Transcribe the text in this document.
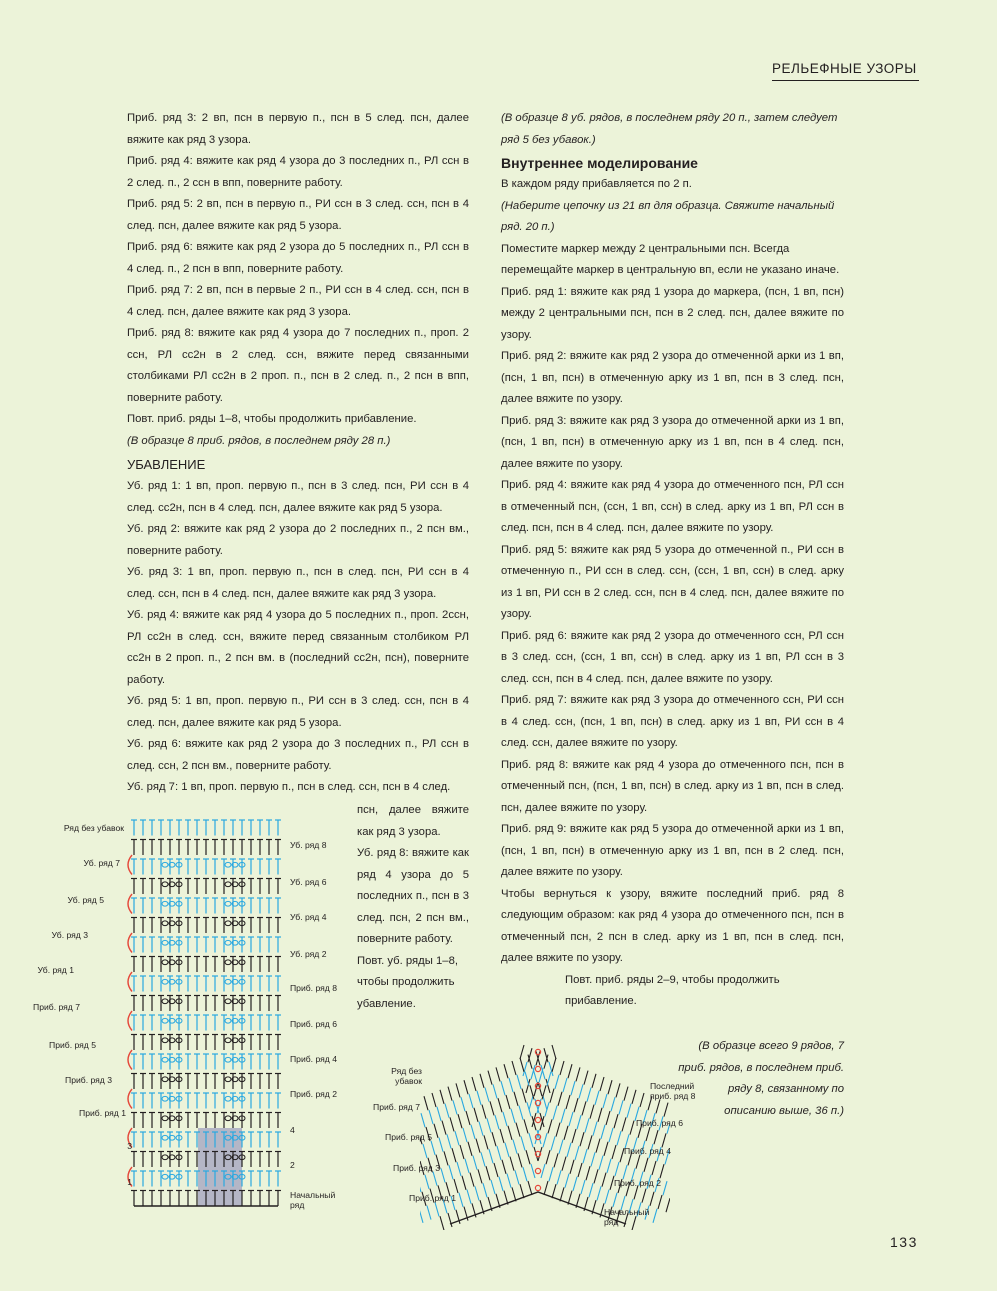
РЕЛЬЕФНЫЕ УЗОРЫ

Приб. ряд 3: 2 вп, псн в первую п., псн в 5 след. псн, далее вяжите как ряд 3 узора.

Приб. ряд 4: вяжите как ряд 4 узора до 3 последних п., РЛ ссн в 2 след. п., 2 ссн в впп, поверните работу.

Приб. ряд 5: 2 вп, псн в первую п., РИ ссн в 3 след. ссн, псн в 4 след. псн, далее вяжите как ряд 5 узора.

Приб. ряд 6: вяжите как ряд 2 узора до 5 последних п., РЛ ссн в 4 след. п., 2 псн в впп, поверните работу.

Приб. ряд 7: 2 вп, псн в первые 2 п., РИ ссн в 4 след. ссн, псн в 4 след. псн, далее вяжите как ряд 3 узора.

Приб. ряд 8: вяжите как ряд 4 узора до 7 последних п., проп. 2 ссн, РЛ сс2н в 2 след. ссн, вяжите перед связанными столбиками РЛ сс2н в 2 проп. п., псн в 2 след. п., 2 псн в впп, поверните работу.

Повт. приб. ряды 1–8, чтобы продолжить прибавление.

(В образце 8 приб. рядов, в последнем ряду 28 п.)

УБАВЛЕНИЕ

Уб. ряд 1: 1 вп, проп. первую п., псн в 3 след. псн, РИ ссн в 4 след. сс2н, псн в 4 след. псн, далее вяжите как ряд 5 узора.

Уб. ряд 2: вяжите как ряд 2 узора до 2 последних п., 2 псн вм., поверните работу.

Уб. ряд 3: 1 вп, проп. первую п., псн в след. псн, РИ ссн в 4 след. ссн, псн в 4 след. псн, далее вяжите как ряд 3 узора.

Уб. ряд 4: вяжите как ряд 4 узора до 5 последних п., проп. 2ссн, РЛ сс2н в след. ссн, вяжите перед связанным столбиком РЛ сс2н в 2 проп. п., 2 псн вм. в (последний сс2н, псн), поверните работу.

Уб. ряд 5: 1 вп, проп. первую п., РИ ссн в 3 след. ссн, псн в 4 след. псн, далее вяжите как ряд 5 узора.

Уб. ряд 6: вяжите как ряд 2 узора до 3 последних п., РЛ ссн в след. ссн, 2 псн вм., поверните работу.

Уб. ряд 7: 1 вп, проп. первую п., псн в след. ссн, псн в 4 след.

псн, далее вяжите как ряд 3 узора.

Уб. ряд 8: вяжите как ряд 4 узора до 5 последних п., псн в 3 след. псн, 2 псн вм., поверните работу.

Повт. уб. ряды 1–8, чтобы продолжить убавление.

(В образце 8 уб. рядов, в последнем ряду 20 п., затем следует ряд 5 без убавок.)

Внутреннее моделирование

В каждом ряду прибавляется по 2 п.

(Наберите цепочку из 21 вп для образца. Свяжите начальный ряд. 20 п.)

Поместите маркер между 2 центральными псн. Всегда перемещайте маркер в центральную вп, если не указано иначе.

Приб. ряд 1: вяжите как ряд 1 узора до маркера, (псн, 1 вп, псн) между 2 центральными псн, псн в 2 след. псн, далее вяжите по узору.

Приб. ряд 2: вяжите как ряд 2 узора до отмеченной арки из 1 вп, (псн, 1 вп, псн) в отмеченную арку из 1 вп, псн в 3 след. псн, далее вяжите по узору.

Приб. ряд 3: вяжите как ряд 3 узора до отмеченной арки из 1 вп, (псн, 1 вп, псн) в отмеченную арку из 1 вп, псн в 4 след. псн, далее вяжите по узору.

Приб. ряд 4: вяжите как ряд 4 узора до отмеченного псн, РЛ ссн в отмеченный псн, (ссн, 1 вп, ссн) в след. арку из 1 вп, РЛ ссн в след. псн, псн в 4 след. псн, далее вяжите по узору.

Приб. ряд 5: вяжите как ряд 5 узора до отмеченной п., РИ ссн в отмеченную п., РИ ссн в след. ссн, (ссн, 1 вп, ссн) в след. арку из 1 вп, РИ ссн в 2 след. ссн, псн в 4 след. псн, далее вяжите по узору.

Приб. ряд 6: вяжите как ряд 2 узора до отмеченного ссн, РЛ ссн в 3 след. ссн, (ссн, 1 вп, ссн) в след. арку из 1 вп, РЛ ссн в 3 след. ссн, псн в 4 след. псн, далее вяжите по узору.

Приб. ряд 7: вяжите как ряд 3 узора до отмеченного ссн, РИ ссн в 4 след. ссн, (псн, 1 вп, псн) в след. арку из 1 вп, РИ ссн в 4 след. ссн, далее вяжите по узору.

Приб. ряд 8: вяжите как ряд 4 узора до отмеченного псн, псн в отмеченный псн, (псн, 1 вп, псн) в след. арку из 1 вп, псн в след. псн, далее вяжите по узору.

Приб. ряд 9: вяжите как ряд 5 узора до отмеченной арки из 1 вп, (псн, 1 вп, псн) в отмеченную арку из 1 вп, псн в 2 след. псн, далее вяжите по узору.

Чтобы вернуться к узору, вяжите последний приб. ряд 8 следующим образом: как ряд 4 узора до отмеченного псн, псн в отмеченный псн, 2 псн в след. арку из 1 вп, псн в след. псн, далее вяжите по узору.

Повт. приб. ряды 2–9, чтобы продолжить прибавление.

(В образце всего 9 рядов, 7 приб. рядов, в последнем приб. ряду 8, связанному по описанию выше, 36 п.)

Ряд без убавок
Уб. ряд 7
Уб. ряд 5
Уб. ряд 3
Уб. ряд 1
Приб. ряд 7
Приб. ряд 5
Приб. ряд 3
Приб. ряд 1
3
1
Уб. ряд 8
Уб. ряд 6
Уб. ряд 4
Уб. ряд 2
Приб. ряд 8
Приб. ряд 6
Приб. ряд 4
Приб. ряд 2
4
2
Начальный ряд
Ряд без убавок
Приб. ряд 7
Приб. ряд 5
Приб. ряд 3
Приб. ряд 1
Последний приб. ряд 8
Приб. ряд 6
Приб. ряд 4
Приб. ряд 2
Начальный ряд
133
